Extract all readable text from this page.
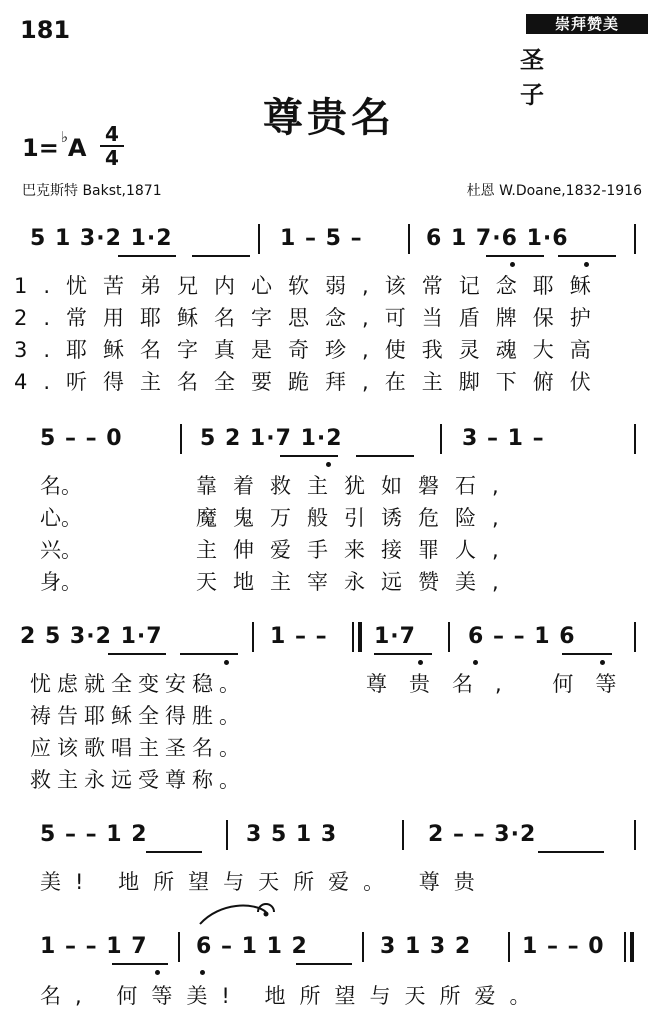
181	崇拜赞美
圣 子
尊贵名
1= ♭A 4
4
巴克斯特 Bakst,1871	杜恩 W.Doane,1832-1916
5 1 3·2 1·2	1 – 5 –	6 1 7·6 1·6
1.忧苦弟兄内心软弱,该常记念耶稣
2.常用耶稣名字思念,可当盾牌保护
3.耶稣名字真是奇珍,使我灵魂大高
4.听得主名全要跪拜,在主脚下俯伏
5 – – 0	5 2 1·7 1·2	3 – 1 –
名。
心。
兴。
身。
靠着救主犹如磐石,
魔鬼万般引诱危险,
主伸爱手来接罪人,
天地主宰永远赞美,
2 5 3·2 1·7	1 – – 1·7 6 – – 1 6
忧虑就全变安稳。
祷告耶稣全得胜。
应该歌唱主圣名。
救主永远受尊称。
尊贵名, 何等
5 – – 1 2	3 5 1 3	2 – – 3·2
美! 地所望与天所爱。 尊贵
1 – – 1 7 6 – 1 1 2	3 1 3 2 1 – – 0
名, 何等美! 地所望与天所爱。
